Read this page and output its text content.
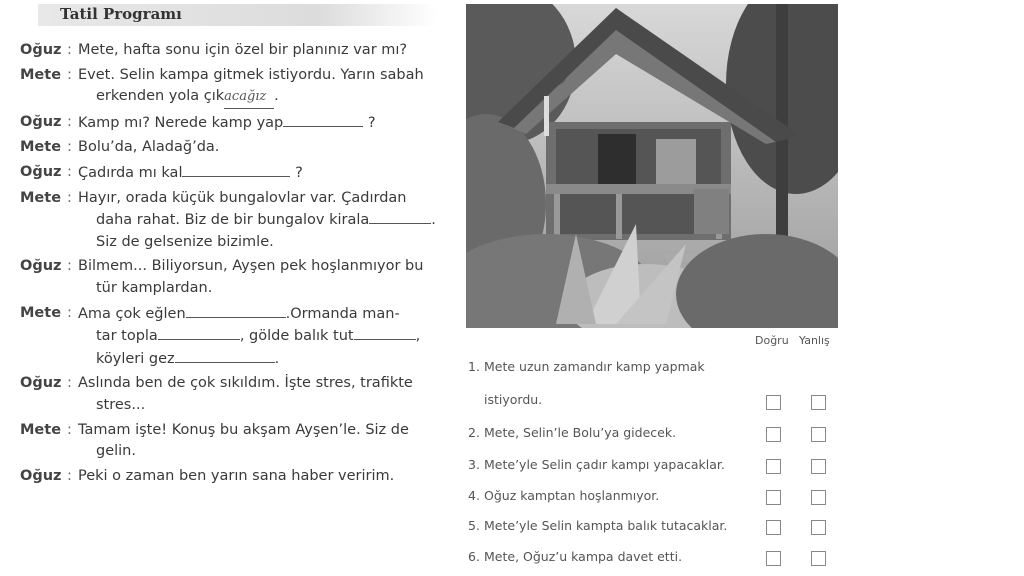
Tatil Programı
Oğuz : Mete, hafta sonu için özel bir planınız var mı?
Mete : Evet. Selin kampa gitmek istiyordu. Yarın sabah
erkenden yola çıkacağız .
Oğuz : Kamp mı? Nerede kamp yap	?
Mete : Bolu’da, Aladağ’da.
Oğuz : Çadırda mı kal	?
Mete : Hayır, orada küçük bungalovlar var. Çadırdan
daha rahat. Biz de bir bungalov kirala	.
Siz de gelsenize bizimle.
Oğuz : Bilmem... Biliyorsun, Ayşen pek hoşlanmıyor bu
tür kamplardan.
Mete : Ama çok eğlen	.Ormanda man-
tar topla	, gölde balık tut	,
köyleri gez	.
Oğuz : Aslında ben de çok sıkıldım. İşte stres, trafikte
stres...
Mete : Tamam işte! Konuş bu akşam Ayşen’le. Siz de
gelin.
Oğuz : Peki o zaman ben yarın sana haber veririm.
Doğru Yanlış
1. Mete uzun zamandır kamp yapmak
istiyordu.
2. Mete, Selin’le Bolu’ya gidecek.
3. Mete’yle Selin çadır kampı yapacaklar.
4. Oğuz kamptan hoşlanmıyor.
5. Mete’yle Selin kampta balık tutacaklar.
6. Mete, Oğuz’u kampa davet etti.
